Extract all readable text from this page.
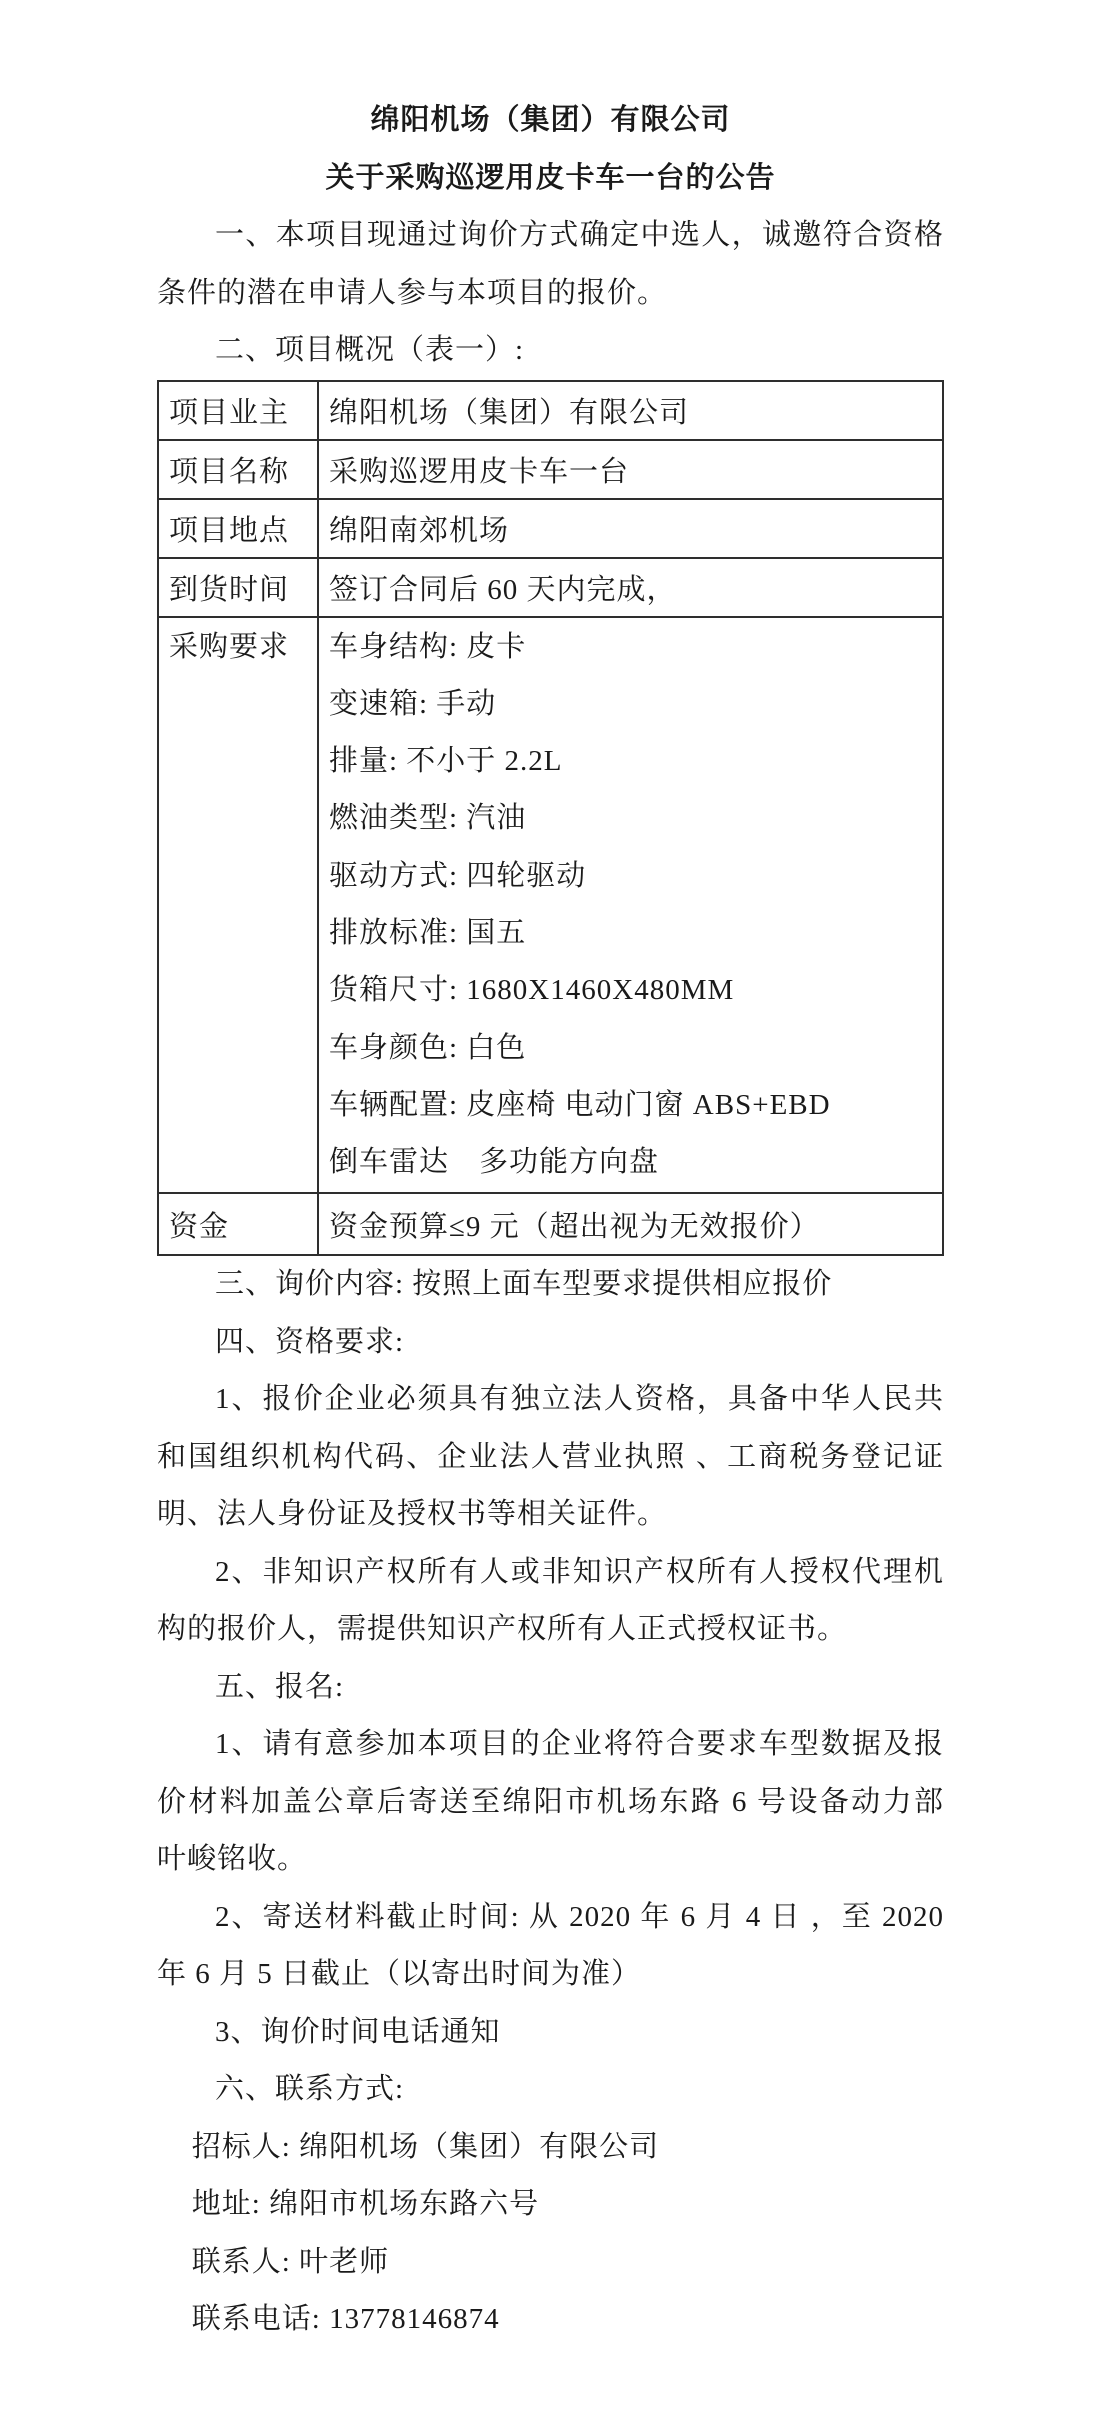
绵阳机场（集团）有限公司
关于采购巡逻用皮卡车一台的公告

一、本项目现通过询价方式确定中选人，诚邀符合资格条件的潜在申请人参与本项目的报价。

二、项目概况（表一）:

项目业主	绵阳机场（集团）有限公司
项目名称	采购巡逻用皮卡车一台
项目地点	绵阳南郊机场
到货时间	签订合同后 60 天内完成，
采购要求	车身结构: 皮卡
变速箱: 手动
排量: 不小于 2.2L
燃油类型: 汽油
驱动方式: 四轮驱动
排放标准: 国五
货箱尺寸: 1680X1460X480MM
车身颜色: 白色
车辆配置: 皮座椅 电动门窗 ABS+EBD
倒车雷达　多功能方向盘

资金	资金预算≤9 元（超出视为无效报价）

三、询价内容: 按照上面车型要求提供相应报价

四、资格要求:

1、报价企业必须具有独立法人资格，具备中华人民共和国组织机构代码、企业法人营业执照 、工商税务登记证明、法人身份证及授权书等相关证件。

2、非知识产权所有人或非知识产权所有人授权代理机构的报价人，需提供知识产权所有人正式授权证书。

五、报名:

1、请有意参加本项目的企业将符合要求车型数据及报价材料加盖公章后寄送至绵阳市机场东路 6 号设备动力部　叶峻铭收。

2、寄送材料截止时间: 从 2020 年 6 月 4 日 ，至 2020 年 6 月 5 日截止（以寄出时间为准）

3、询价时间电话通知

六、联系方式:

招标人: 绵阳机场（集团）有限公司

地址: 绵阳市机场东路六号

联系人: 叶老师

联系电话: 13778146874
